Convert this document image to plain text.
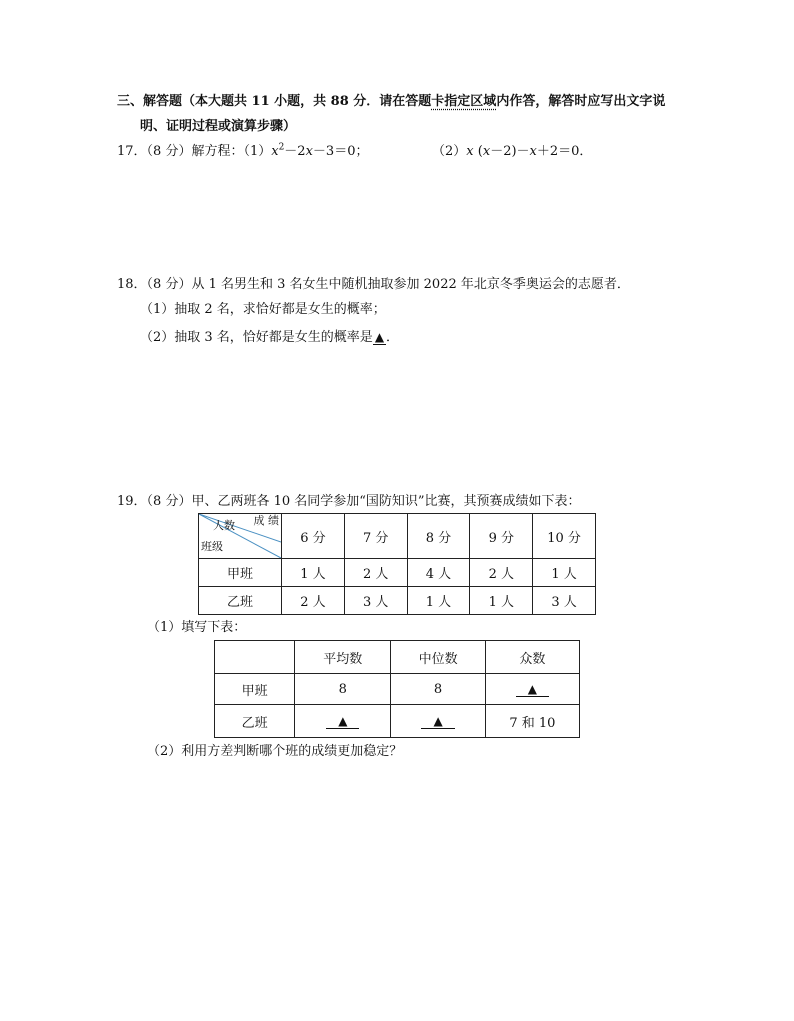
三、解答题（本大题共 11 小题，共 88 分．请在答题卡指定区域内作答，解答时应写出文字说
明、证明过程或演算步骤）
17．（8 分）解方程：$(1)x^2-2x-3=0$；	（2）x (x－2)－x＋2＝0．
18．（8 分）从 1 名男生和 3 名女生中随机抽取参加 2022 年北京冬季奥运会的志愿者．
（1）抽取 2 名，求恰好都是女生的概率；
（2）抽取 3 名，恰好都是女生的概率是 ▲ ．
19．（8 分）甲、乙两班各 10 名同学参加“国防知识”比赛，其预赛成绩如下表：
成 绩
人数
班级	6 分	7 分	8 分	9 分	10 分
甲班	1 人	2 人	4 人	2 人	1 人
乙班	2 人	3 人	1 人	1 人	3 人
（1）填写下表：
	平均数	中位数	众数
甲班	8	8	▲
乙班	▲	▲	7 和 10
（2）利用方差判断哪个班的成绩更加稳定？
